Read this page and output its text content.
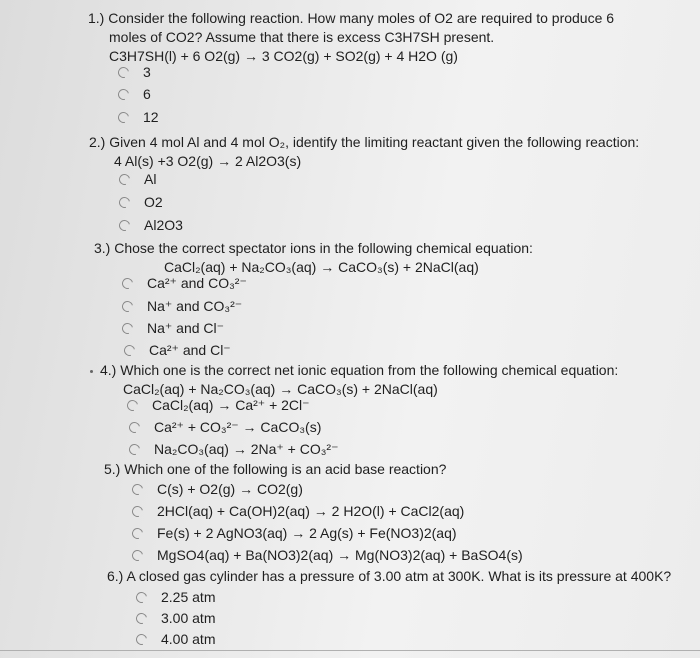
1.) Consider the following reaction. How many moles of O2 are required to produce 6
moles of CO2? Assume that there is excess C3H7SH present.
C3H7SH(l) + 6 O2(g) → 3 CO2(g) + SO2(g) + 4 H2O (g)
3
6
12
2.) Given 4 mol Al and 4 mol O₂, identify the limiting reactant given the following reaction:
4 Al(s) +3 O2(g) → 2 Al2O3(s)
Al
O2
Al2O3
3.) Chose the correct spectator ions in the following chemical equation:
CaCl₂(aq) + Na₂CO₃(aq) → CaCO₃(s) + 2NaCl(aq)
Ca²⁺ and CO₃²⁻
Na⁺ and CO₃²⁻
Na⁺ and Cl⁻
Ca²⁺ and Cl⁻
4.) Which one is the correct net ionic equation from the following chemical equation:
CaCl₂(aq) + Na₂CO₃(aq) → CaCO₃(s) + 2NaCl(aq)
CaCl₂(aq) → Ca²⁺ + 2Cl⁻
Ca²⁺ + CO₃²⁻ → CaCO₃(s)
Na₂CO₃(aq) → 2Na⁺ + CO₃²⁻
5.) Which one of the following is an acid base reaction?
C(s) + O2(g) → CO2(g)
2HCl(aq) + Ca(OH)2(aq) → 2 H2O(l) + CaCl2(aq)
Fe(s) + 2 AgNO3(aq) → 2 Ag(s) + Fe(NO3)2(aq)
MgSO4(aq) + Ba(NO3)2(aq) → Mg(NO3)2(aq) + BaSO4(s)
6.) A closed gas cylinder has a pressure of 3.00 atm at 300K. What is its pressure at 400K?
2.25 atm
3.00 atm
4.00 atm
